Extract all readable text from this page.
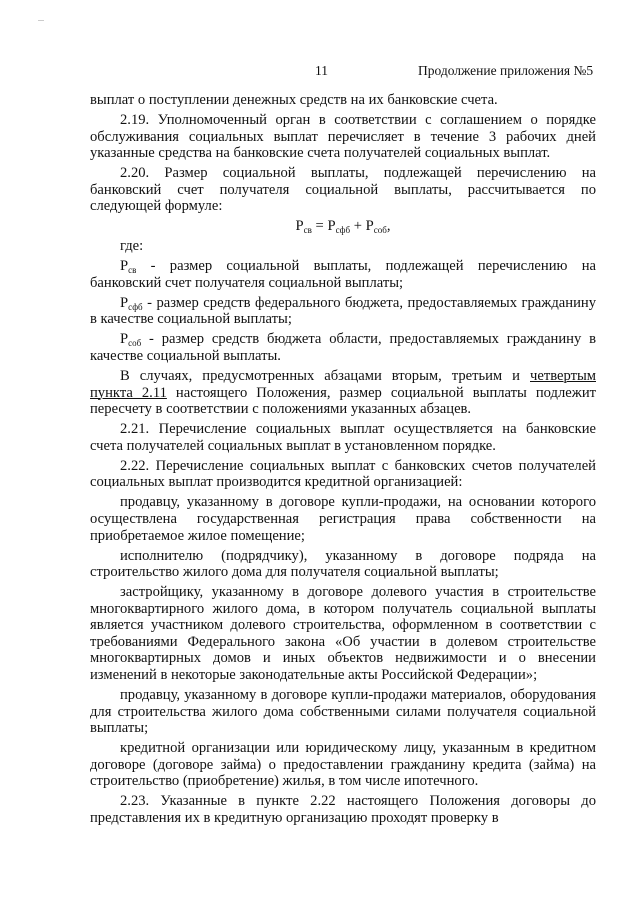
11	Продолжение приложения №5

выплат о поступлении денежных средств на их банковские счета.

2.19. Уполномоченный орган в соответствии с соглашением о порядке обслуживания социальных выплат перечисляет в течение 3 рабочих дней указанные средства на банковские счета получателей социальных выплат.

2.20. Размер социальной выплаты, подлежащей перечислению на банковский счет получателя социальной выплаты, рассчитывается по следующей формуле:

$Р_{св} = Р_{сфб} + Р_{соб}$,

где:

$Р_{св}$ - размер социальной выплаты, подлежащей перечислению на банковский счет получателя социальной выплаты;

$Р_{сфб}$ - размер средств федерального бюджета, предоставляемых гражданину в качестве социальной выплаты;

$Р_{соб}$ - размер средств бюджета области, предоставляемых гражданину в качестве социальной выплаты.

В случаях, предусмотренных абзацами вторым, третьим и четвертым пункта 2.11 настоящего Положения, размер социальной выплаты подлежит пересчету в соответствии с положениями указанных абзацев.

2.21. Перечисление социальных выплат осуществляется на банковские счета получателей социальных выплат в установленном порядке.

2.22. Перечисление социальных выплат с банковских счетов получателей социальных выплат производится кредитной организацией:

продавцу, указанному в договоре купли-продажи, на основании которого осуществлена государственная регистрация права собственности на приобретаемое жилое помещение;

исполнителю (подрядчику), указанному в договоре подряда на строительство жилого дома для получателя социальной выплаты;

застройщику, указанному в договоре долевого участия в строительстве многоквартирного жилого дома, в котором получатель социальной выплаты является участником долевого строительства, оформленном в соответствии с требованиями Федерального закона «Об участии в долевом строительстве многоквартирных домов и иных объектов недвижимости и о внесении изменений в некоторые законодательные акты Российской Федерации»;

продавцу, указанному в договоре купли-продажи материалов, оборудования для строительства жилого дома собственными силами получателя социальной выплаты;

кредитной организации или юридическому лицу, указанным в кредитном договоре (договоре займа) о предоставлении гражданину кредита (займа) на строительство (приобретение) жилья, в том числе ипотечного.

2.23. Указанные в пункте 2.22 настоящего Положения договоры до представления их в кредитную организацию проходят проверку в
